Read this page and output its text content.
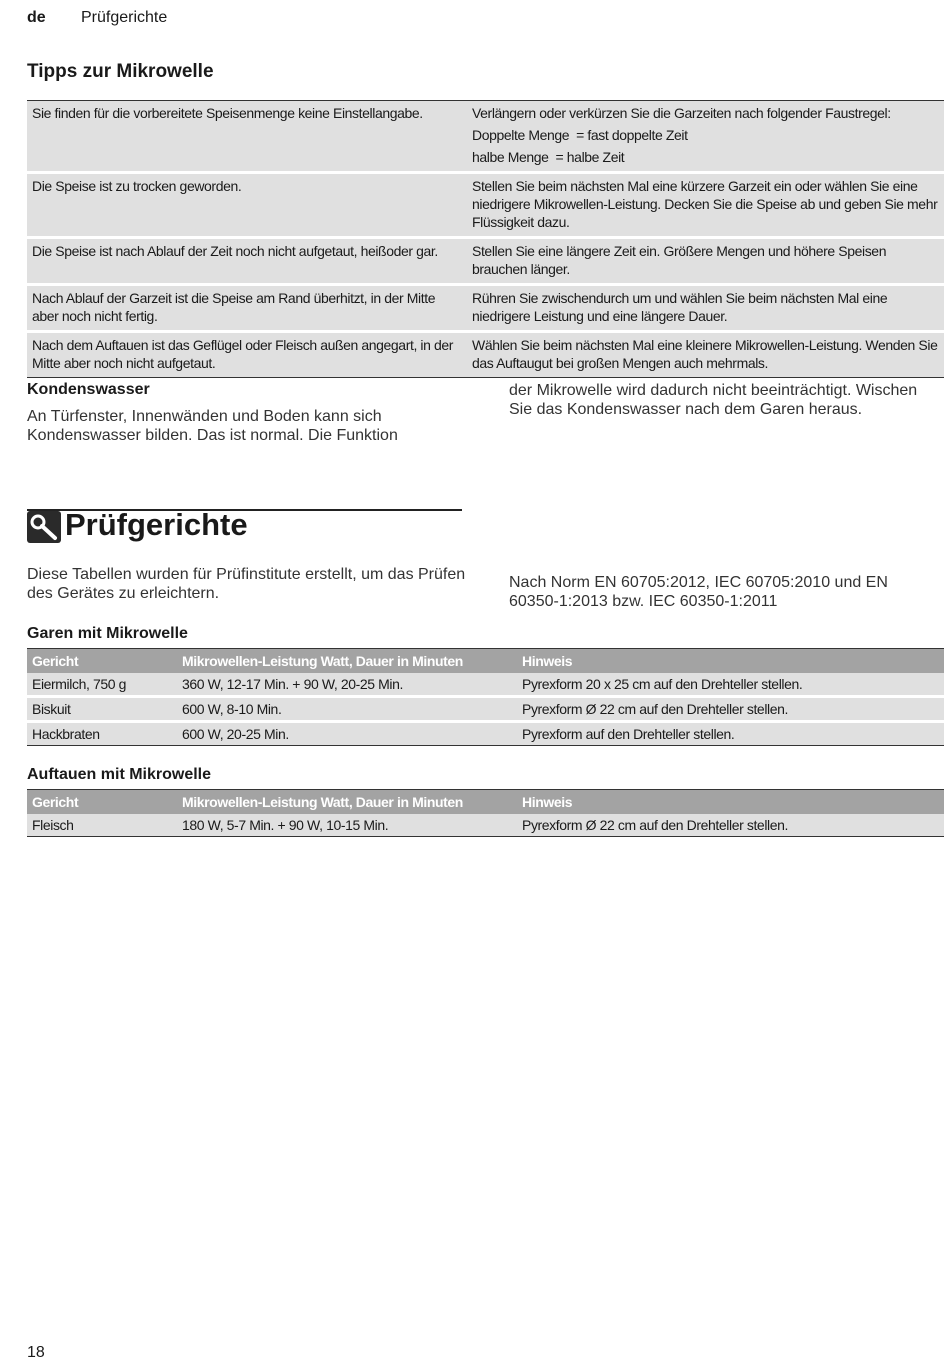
de Prüfgerichte
Tipps zur Mikrowelle
Sie finden für die vorbereitete Speisenmenge keine Einstellangabe.	Verlängern oder verkürzen Sie die Garzeiten nach folgender Faustregel:
Doppelte Menge  = fast doppelte Zeit
halbe Menge  = halbe Zeit

Die Speise ist zu trocken geworden.	Stellen Sie beim nächsten Mal eine kürzere Garzeit ein oder wählen Sie eine niedrigere Mikrowellen-Leistung. Decken Sie die Speise ab und geben Sie mehr Flüssigkeit dazu.
Die Speise ist nach Ablauf der Zeit noch nicht aufgetaut, heißoder gar.	Stellen Sie eine längere Zeit ein. Größere Mengen und höhere Speisen brauchen länger.
Nach Ablauf der Garzeit ist die Speise am Rand überhitzt, in der Mitte aber noch nicht fertig.	Rühren Sie zwischendurch um und wählen Sie beim nächsten Mal eine niedrigere Leistung und eine längere Dauer.
Nach dem Auftauen ist das Geflügel oder Fleisch außen angegart, in der Mitte aber noch nicht aufgetaut.	Wählen Sie beim nächsten Mal eine kleinere Mikrowellen-Leistung. Wenden Sie das Auftaugut bei großen Mengen auch mehrmals.
Kondenswasser
An Türfenster, Innenwänden und Boden kann sich Kondenswasser bilden. Das ist normal. Die Funktion
der Mikrowelle wird dadurch nicht beeinträchtigt. Wischen Sie das Kondenswasser nach dem Garen heraus.
Prüfgerichte
Diese Tabellen wurden für Prüfinstitute erstellt, um das Prüfen des Gerätes zu erleichtern.
Nach Norm EN 60705:2012, IEC 60705:2010 und EN 60350-1:2013 bzw. IEC 60350-1:2011
Garen mit Mikrowelle
Gericht	Mikrowellen-Leistung Watt, Dauer in Minuten	Hinweis
Eiermilch, 750 g	360 W, 12-17 Min. + 90 W, 20-25 Min.	Pyrexform 20 x 25 cm auf den Drehteller stellen.
Biskuit	600 W, 8-10 Min.	Pyrexform Ø 22 cm auf den Drehteller stellen.
Hackbraten	600 W, 20-25 Min.	Pyrexform auf den Drehteller stellen.
Auftauen mit Mikrowelle
Gericht	Mikrowellen-Leistung Watt, Dauer in Minuten	Hinweis
Fleisch	180 W, 5-7 Min. + 90 W, 10-15 Min.	Pyrexform Ø 22 cm auf den Drehteller stellen.
18
